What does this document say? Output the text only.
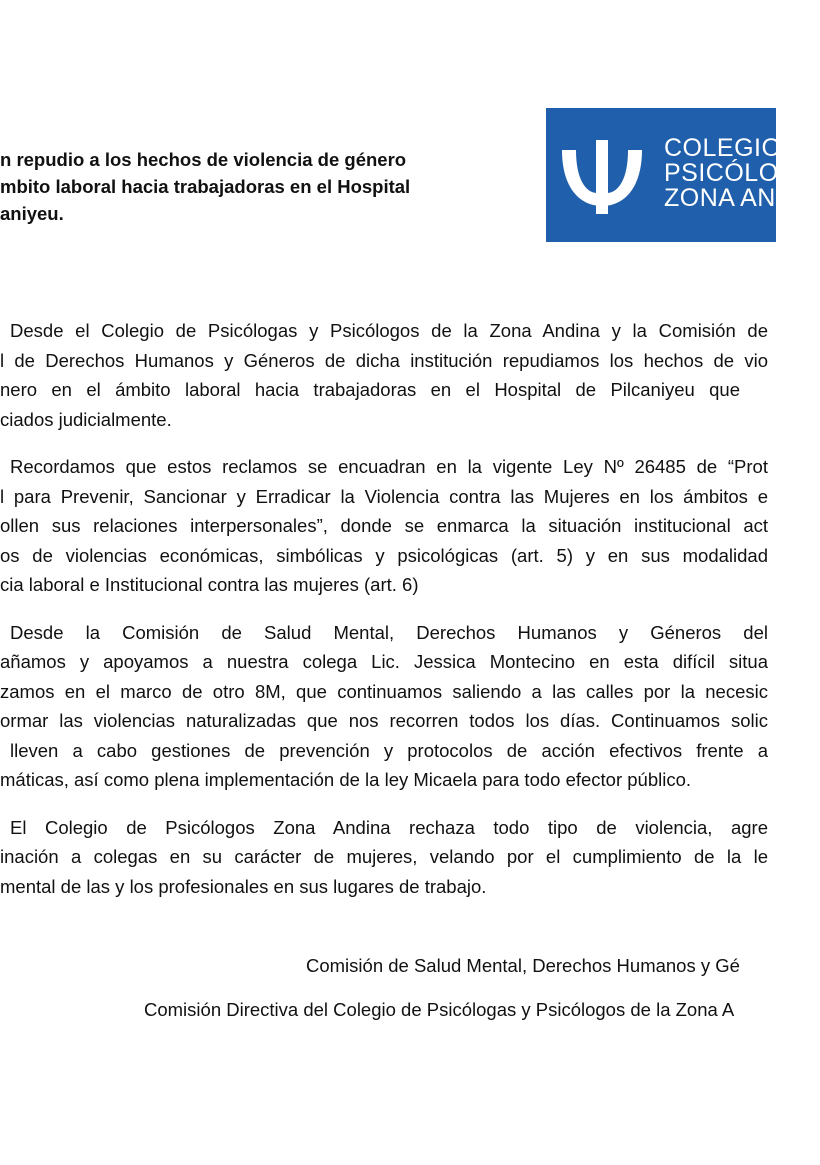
n repudio a los hechos de violencia de género
mbito laboral hacia trabajadoras en el Hospital
aniyeu.
COLEGIO D
PSICÓLOGO
ZONA ANDIN
Desde el Colegio de Psicólogas y Psicólogos de la Zona Andina y la Comisión de
l de Derechos Humanos y Géneros de dicha institución repudiamos los hechos de vio
nero en el ámbito laboral hacia trabajadoras en el Hospital de Pilcaniyeu que
ciados judicialmente.
Recordamos que estos reclamos se encuadran en la vigente Ley Nº 26485 de “Prot
l para Prevenir, Sancionar y Erradicar la Violencia contra las Mujeres en los ámbitos e
ollen sus relaciones interpersonales”, donde se enmarca la situación institucional act
os de violencias económicas, simbólicas y psicológicas (art. 5) y en sus modalidad
cia laboral e Institucional contra las mujeres (art. 6)
Desde la Comisión de Salud Mental, Derechos Humanos y Géneros del
añamos y apoyamos a nuestra colega Lic. Jessica Montecino en esta difícil situa
zamos en el marco de otro 8M, que continuamos saliendo a las calles por la necesic
ormar las violencias naturalizadas que nos recorren todos los días. Continuamos solic
lleven a cabo gestiones de prevención y protocolos de acción efectivos frente a
máticas, así como plena implementación de la ley Micaela para todo efector público.
El Colegio de Psicólogos Zona Andina rechaza todo tipo de violencia, agre
inación a colegas en su carácter de mujeres, velando por el cumplimiento de la le
mental de las y los profesionales en sus lugares de trabajo.
Comisión de Salud Mental, Derechos Humanos y Gé
Comisión Directiva del Colegio de Psicólogas y Psicólogos de la Zona A
